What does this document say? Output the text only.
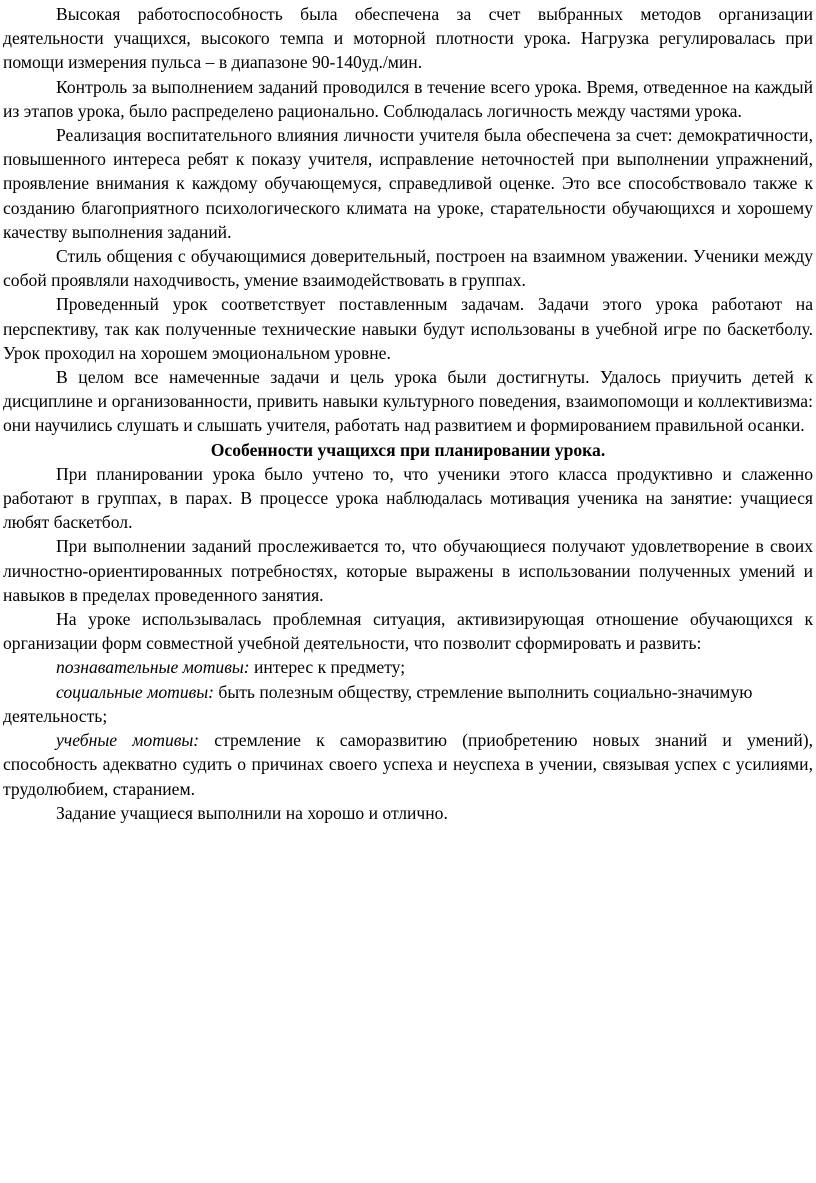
Высокая работоспособность была обеспечена за счет выбранных методов организации деятельности учащихся, высокого темпа и моторной плотности урока. Нагрузка регулировалась при помощи измерения пульса – в диапазоне 90-140уд./мин.

Контроль за выполнением заданий проводился в течение всего урока. Время, отведенное на каждый из этапов урока, было распределено рационально. Соблюдалась логичность между частями урока.

Реализация воспитательного влияния личности учителя была обеспечена за счет: демократичности, повышенного интереса ребят к показу учителя, исправление неточностей при выполнении упражнений, проявление внимания к каждому обучающемуся, справедливой оценке. Это все способствовало также к созданию благоприятного психологического климата на уроке, старательности обучающихся и хорошему качеству выполнения заданий.

Стиль общения с обучающимися доверительный, построен на взаимном уважении. Ученики между собой проявляли находчивость, умение взаимодействовать в группах.

Проведенный урок соответствует поставленным задачам. Задачи этого урока работают на перспективу, так как полученные технические навыки будут использованы в учебной игре по баскетболу. Урок проходил на хорошем эмоциональном уровне.

В целом все намеченные задачи и цель урока были достигнуты. Удалось приучить детей к дисциплине и организованности, привить навыки культурного поведения, взаимопомощи и коллективизма: они научились слушать и слышать учителя, работать над развитием и формированием правильной осанки.

Особенности учащихся при планировании урока.

При планировании урока было учтено то, что ученики этого класса продуктивно и слаженно работают в группах, в парах. В процессе урока наблюдалась мотивация ученика на занятие: учащиеся любят баскетбол.

При выполнении заданий прослеживается то, что обучающиеся получают удовлетворение в своих личностно-ориентированных потребностях, которые выражены в использовании полученных умений и навыков в пределах проведенного занятия.

На уроке использывалась проблемная ситуация, активизирующая отношение обучающихся к организации форм совместной учебной деятельности, что позволит сформировать и развить:

познавательные мотивы: интерес к предмету;

социальные мотивы: быть полезным обществу, стремление выполнить социально-значимую деятельность;

учебные мотивы: стремление к саморазвитию (приобретению новых знаний и умений), способность адекватно судить о причинах своего успеха и неуспеха в учении, связывая успех с усилиями, трудолюбием, старанием.

Задание учащиеся выполнили на хорошо и отлично.
